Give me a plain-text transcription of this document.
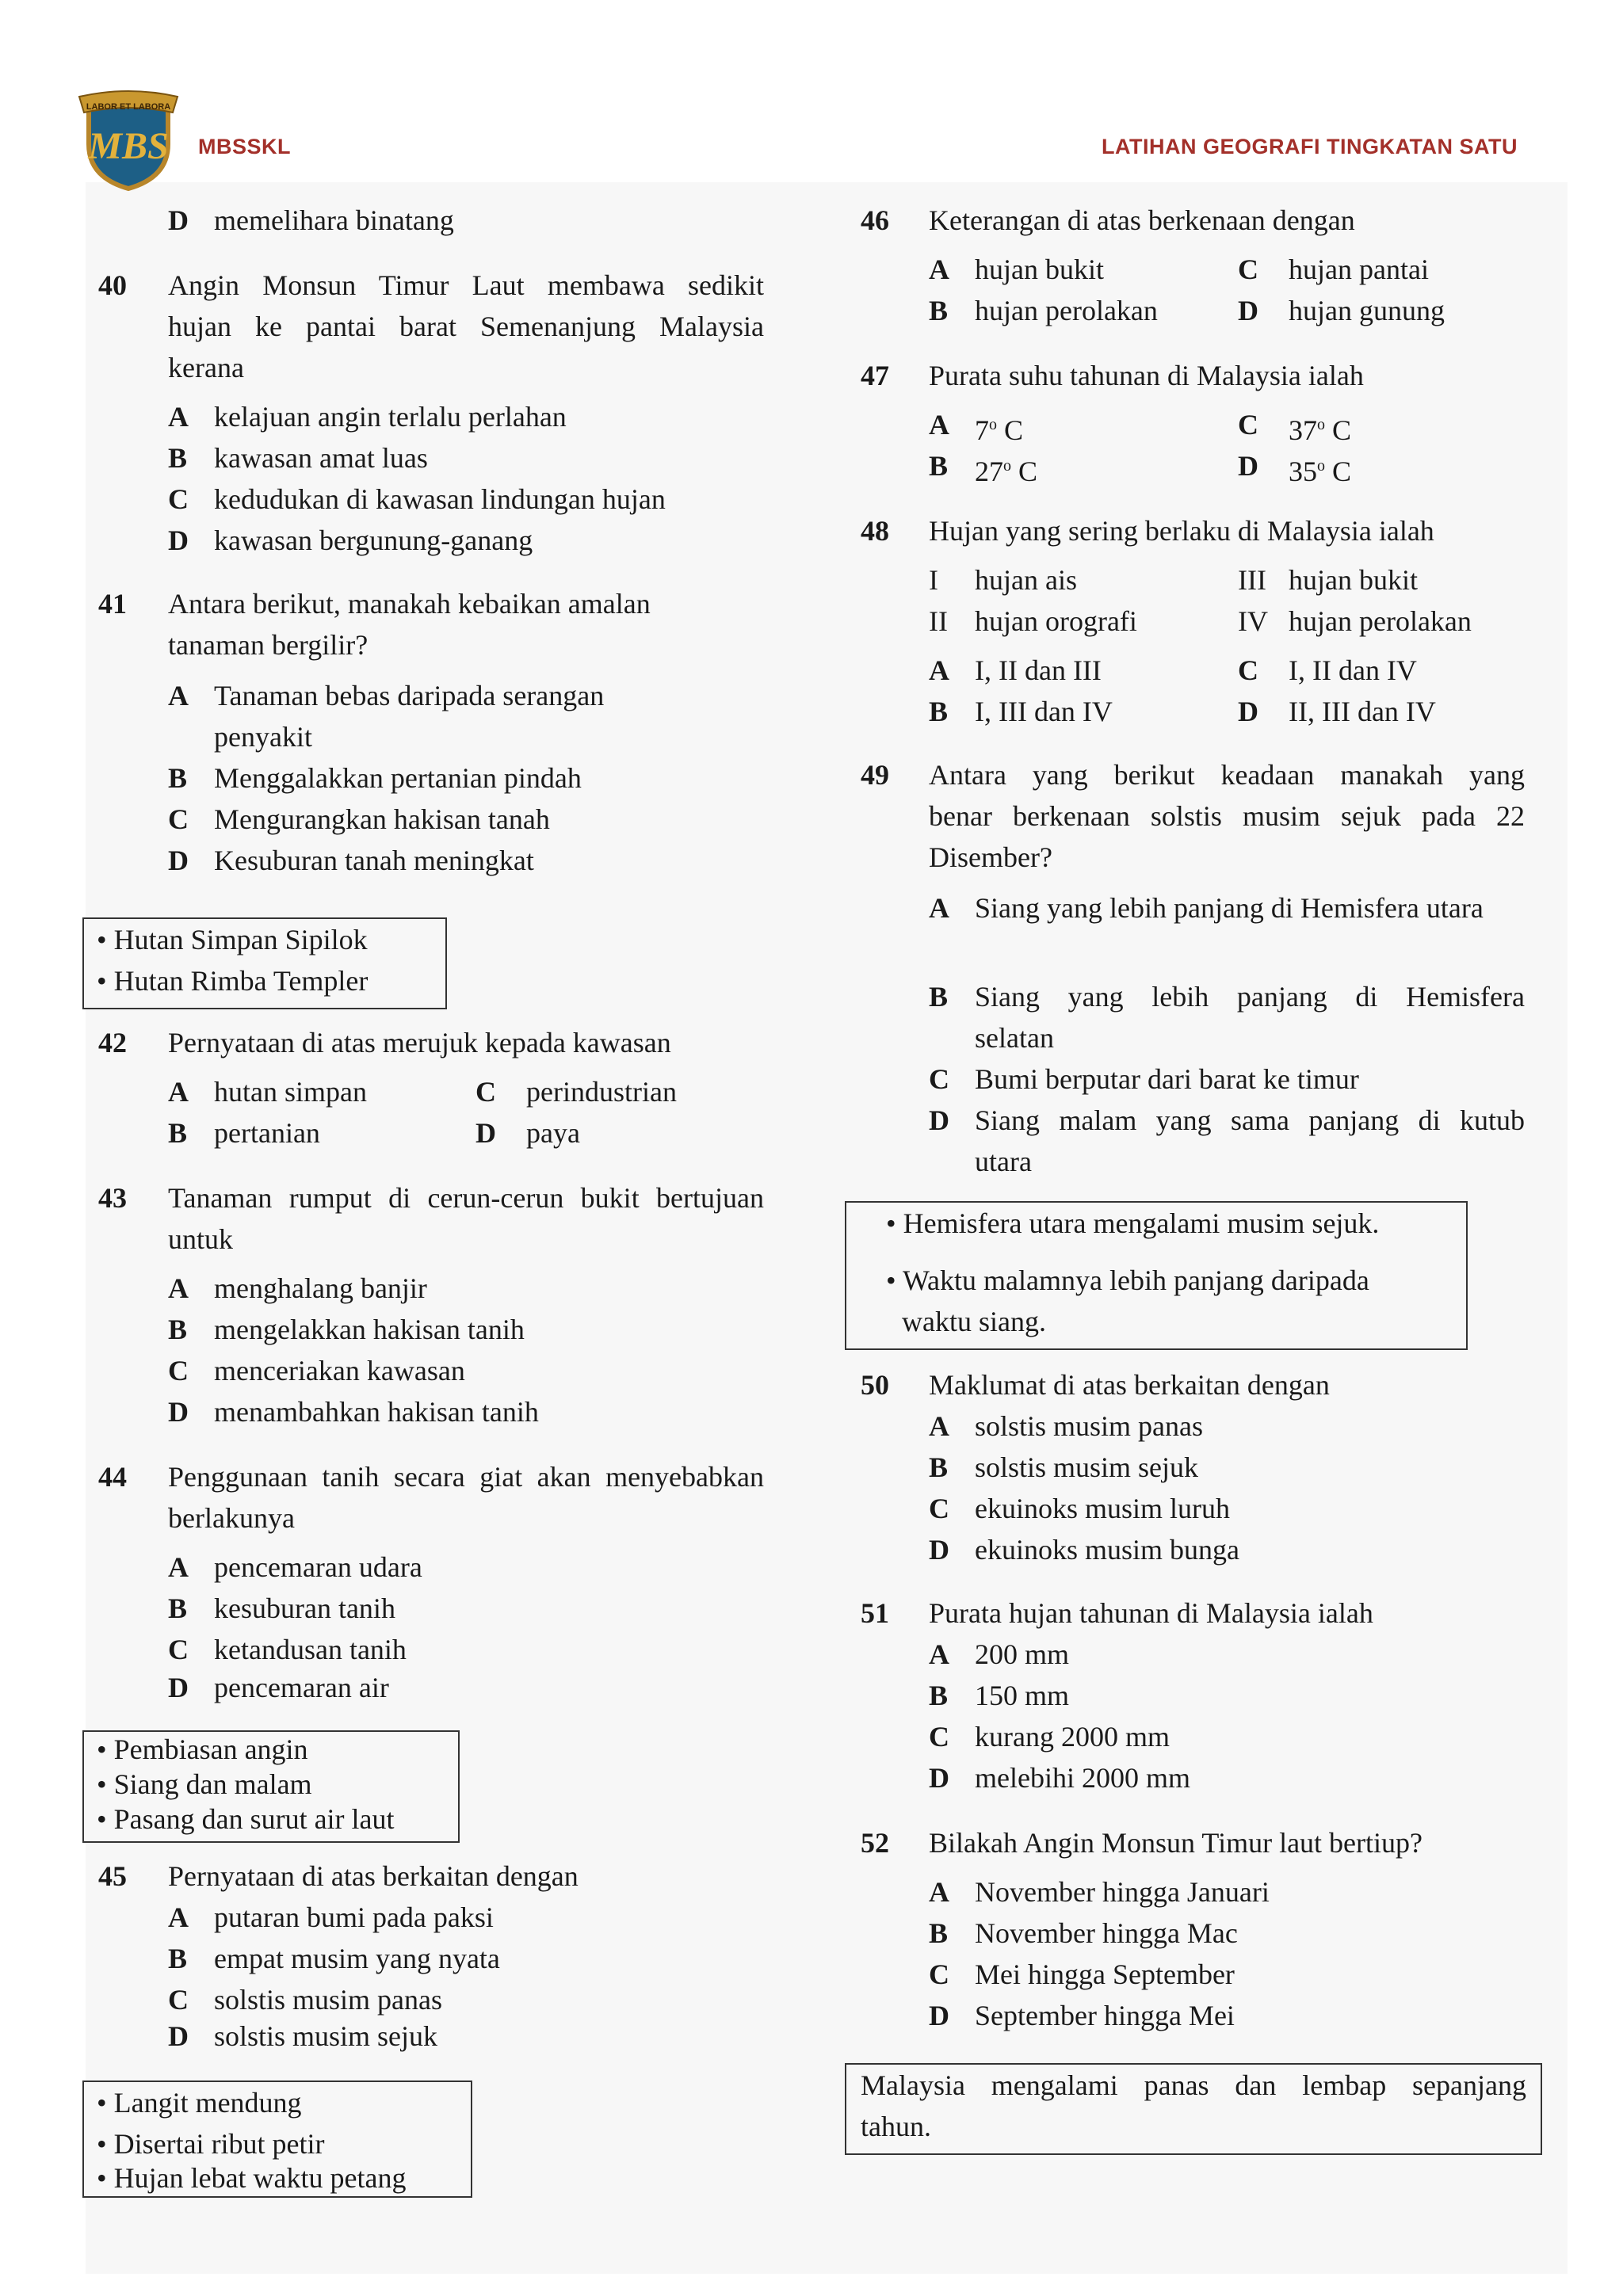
LABOR ET LABORA
MBS MBSSKL	LATIHAN GEOGRAFI TINGKATAN SATU
D memelihara binatang
40 Angin Monsun Timur Laut membawa sedikit
hujan ke pantai barat Semenanjung Malaysia
kerana
A kelajuan angin terlalu perlahan
B kawasan amat luas
C kedudukan di kawasan lindungan hujan
D kawasan bergunung-ganang
41 Antara berikut, manakah kebaikan amalan
tanaman bergilir?
A Tanaman bebas daripada serangan
penyakit
B Menggalakkan pertanian pindah
C Mengurangkan hakisan tanah
D Kesuburan tanah meningkat
• Hutan Simpan Sipilok
• Hutan Rimba Templer
42 Pernyataan di atas merujuk kepada kawasan
A hutan simpan	C perindustrian
B pertanian	D paya
43 Tanaman rumput di cerun-cerun bukit bertujuan
untuk
A menghalang banjir
B mengelakkan hakisan tanih
C menceriakan kawasan
D menambahkan hakisan tanih
44 Penggunaan tanih secara giat akan menyebabkan
berlakunya
A pencemaran udara
B kesuburan tanih
C ketandusan tanih
D pencemaran air
• Pembiasan angin
• Siang dan malam
• Pasang dan surut air laut
45 Pernyataan di atas berkaitan dengan
A putaran bumi pada paksi
B empat musim yang nyata
C solstis musim panas
D solstis musim sejuk
• Langit mendung
• Disertai ribut petir
• Hujan lebat waktu petang
46 Keterangan di atas berkenaan dengan
A hujan bukit	C hujan pantai
B hujan perolakan	D hujan gunung
47 Purata suhu tahunan di Malaysia ialah
A 7$^o$ C	C 37$^o$ C
B 27$^o$ C	D 35$^o$ C
48 Hujan yang sering berlaku di Malaysia ialah
I hujan ais	III hujan bukit
II hujan orografi	IV hujan perolakan
A I, II dan III	C I, II dan IV
B I, III dan IV	D II, III dan IV
49 Antara yang berikut keadaan manakah yang
benar berkenaan solstis musim sejuk pada 22
Disember?
A Siang yang lebih panjang di Hemisfera utara
B Siang yang lebih panjang di Hemisfera
selatan
C Bumi berputar dari barat ke timur
D Siang malam yang sama panjang di kutub
utara
• Hemisfera utara mengalami musim sejuk.
• Waktu malamnya lebih panjang daripada
waktu siang.
50 Maklumat di atas berkaitan dengan
A solstis musim panas
B solstis musim sejuk
C ekuinoks musim luruh
D ekuinoks musim bunga
51 Purata hujan tahunan di Malaysia ialah
A 200 mm
B 150 mm
C kurang 2000 mm
D melebihi 2000 mm
52 Bilakah Angin Monsun Timur laut bertiup?
A November hingga Januari
B November hingga Mac
C Mei hingga September
D September hingga Mei
Malaysia mengalami panas dan lembap sepanjang
tahun.
